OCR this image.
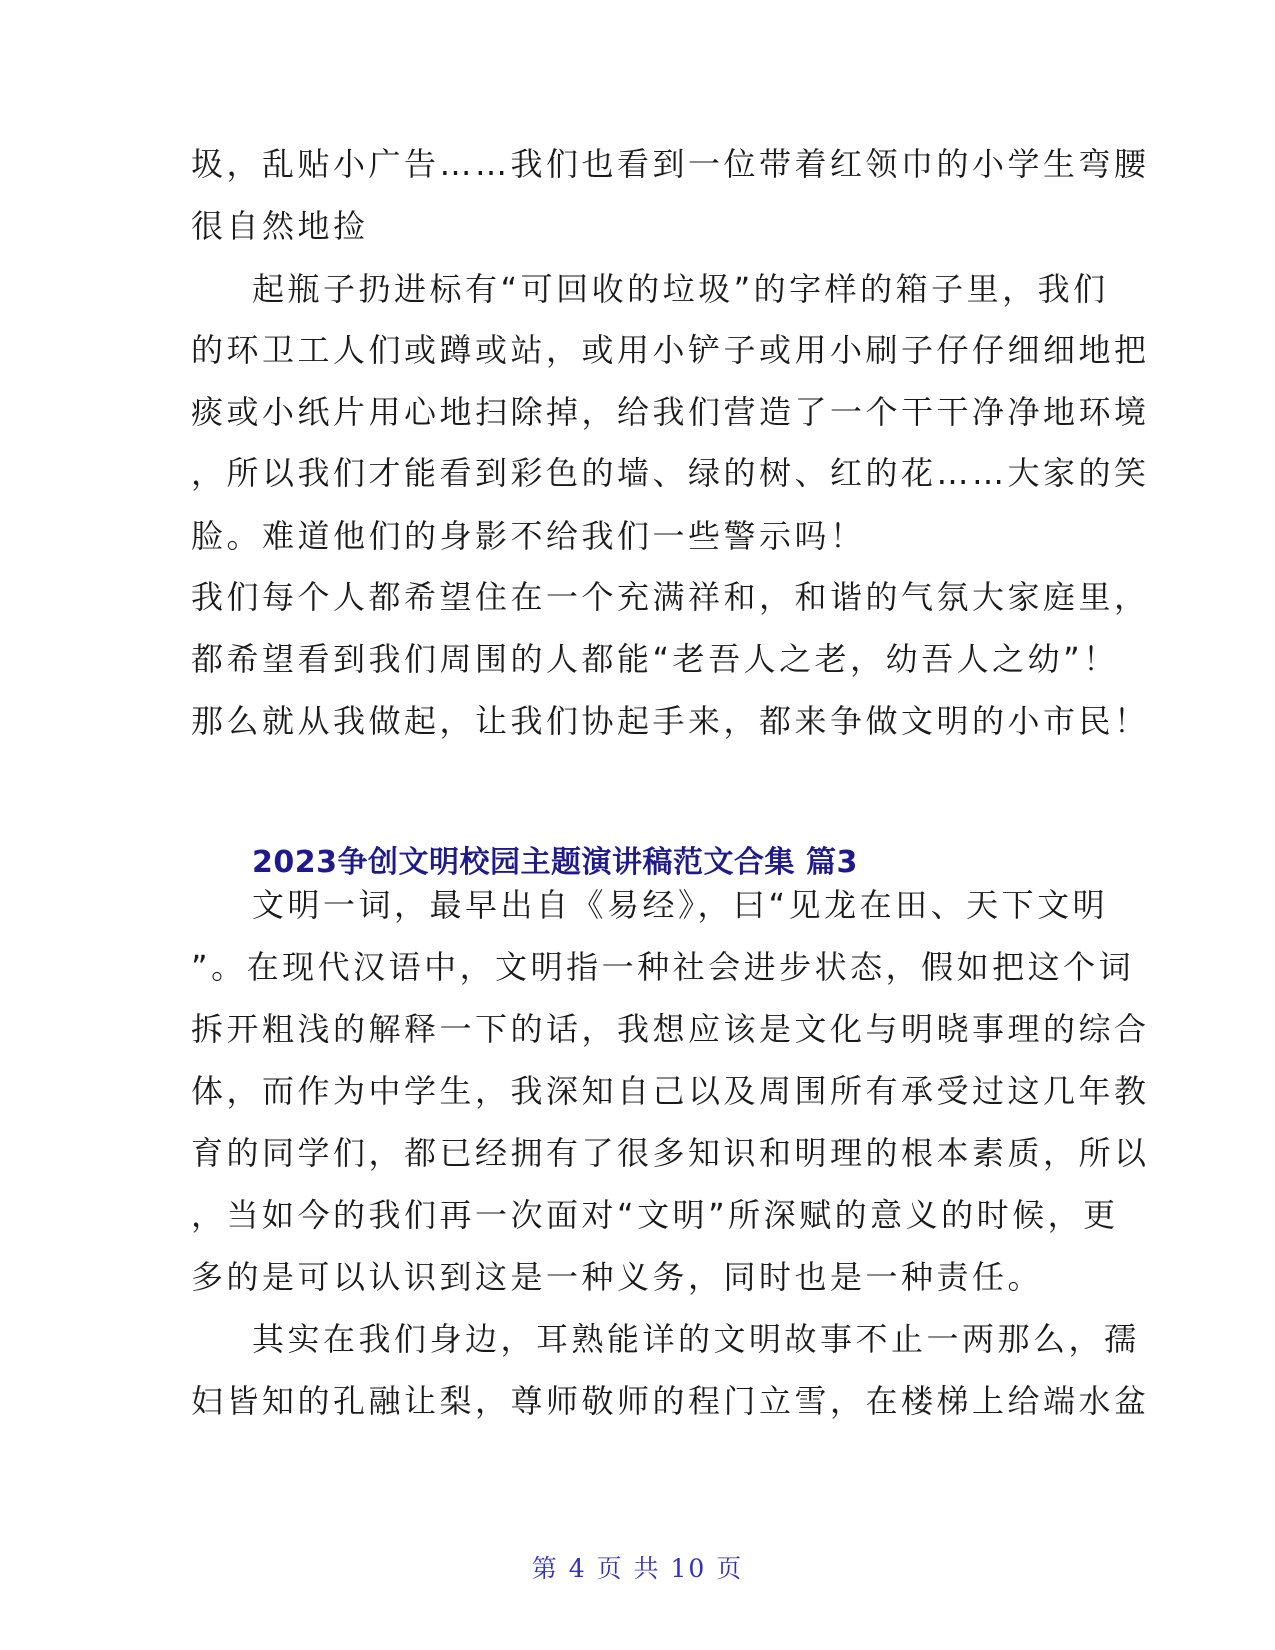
圾，乱贴小广告……我们也看到一位带着红领巾的小学生弯腰
很自然地捡
起瓶子扔进标有“可回收的垃圾”的字样的箱子里，我们
的环卫工人们或蹲或站，或用小铲子或用小刷子仔仔细细地把
痰或小纸片用心地扫除掉，给我们营造了一个干干净净地环境
，所以我们才能看到彩色的墙、绿的树、红的花……大家的笑
脸。难道他们的身影不给我们一些警示吗！
我们每个人都希望住在一个充满祥和，和谐的气氛大家庭里，
都希望看到我们周围的人都能“老吾人之老，幼吾人之幼”！
那么就从我做起，让我们协起手来，都来争做文明的小市民！
2023争创文明校园主题演讲稿范文合集 篇3
文明一词，最早出自《易经》，曰“见龙在田、天下文明
”。在现代汉语中，文明指一种社会进步状态，假如把这个词
拆开粗浅的解释一下的话，我想应该是文化与明晓事理的综合
体，而作为中学生，我深知自己以及周围所有承受过这几年教
育的同学们，都已经拥有了很多知识和明理的根本素质，所以
，当如今的我们再一次面对“文明”所深赋的意义的时候，更
多的是可以认识到这是一种义务，同时也是一种责任。
其实在我们身边，耳熟能详的文明故事不止一两那么，孺
妇皆知的孔融让梨，尊师敬师的程门立雪，在楼梯上给端水盆
第 4 页 共 10 页
